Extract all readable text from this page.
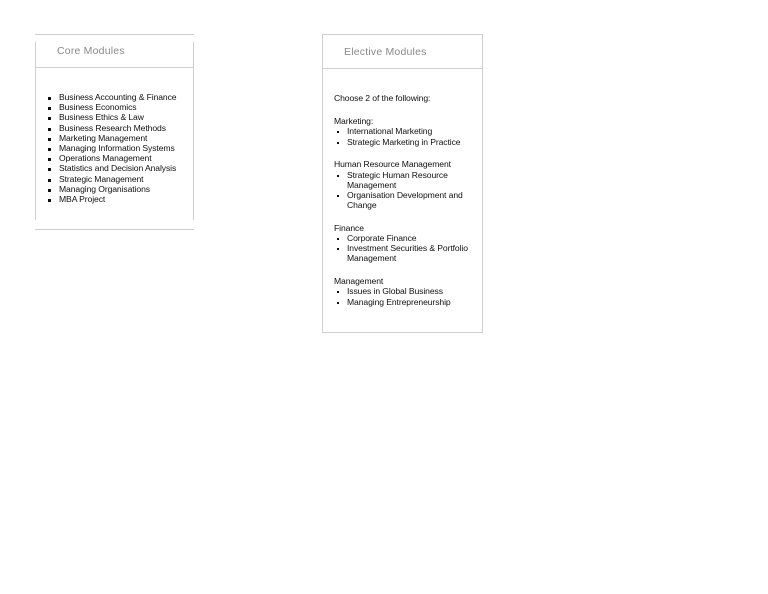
Core Modules
Business Accounting & Finance
Business Economics
Business Ethics & Law
Business Research Methods
Marketing Management
Managing Information Systems
Operations Management
Statistics and Decision Analysis
Strategic Management
Managing Organisations
MBA Project
Elective Modules

Choose 2 of the following:

Marketing:

International Marketing
Strategic Marketing in Practice

Human Resource Management

Strategic Human Resource Management
Organisation Development and Change

Finance

Corporate Finance
Investment Securities & Portfolio Management

Management

Issues in Global Business
Managing Entrepreneurship
